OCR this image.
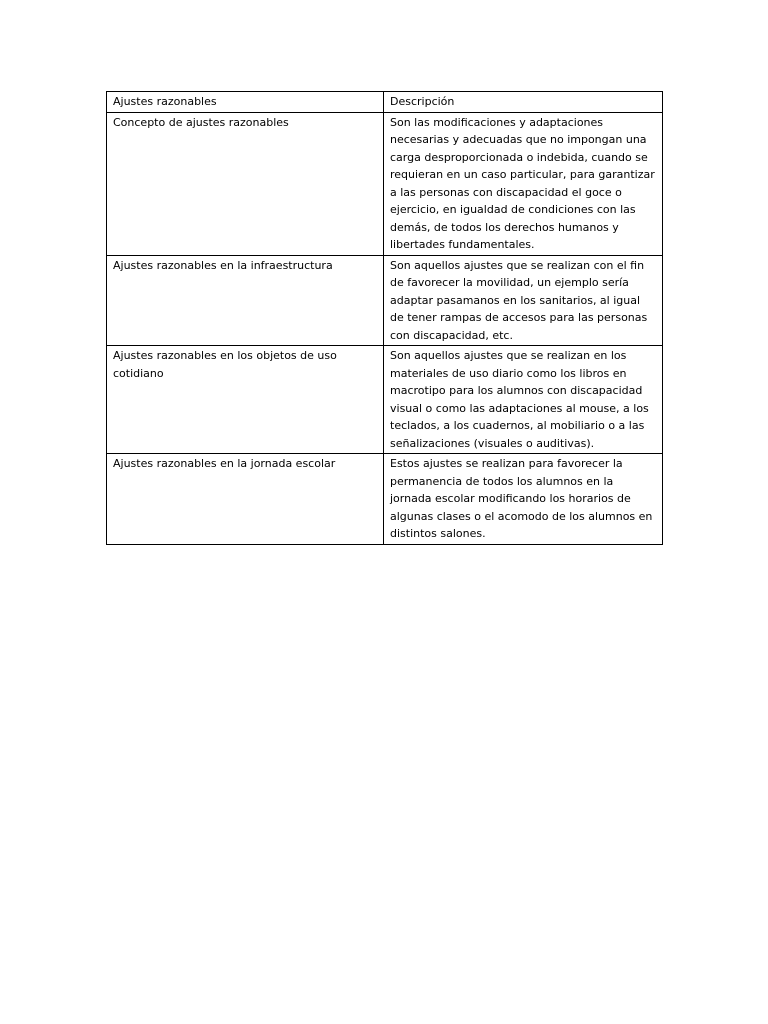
Ajustes razonables	Descripción

Concepto de ajustes razonables	Son las modificaciones y adaptaciones necesarias y adecuadas que no impongan una carga desproporcionada o indebida, cuando se requieran en un caso particular, para garantizar a las personas con discapacidad el goce o ejercicio, en igualdad de condiciones con las demás, de todos los derechos humanos y libertades fundamentales.

Ajustes razonables en la infraestructura	Son aquellos ajustes que se realizan con el fin de favorecer la movilidad, un ejemplo sería adaptar pasamanos en los sanitarios, al igual de tener rampas de accesos para las personas con discapacidad, etc.

Ajustes razonables en los objetos de uso cotidiano	Son aquellos ajustes que se realizan en los materiales de uso diario como los libros en macrotipo para los alumnos con discapacidad visual o como las adaptaciones al mouse, a los teclados, a los cuadernos, al mobiliario o a las señalizaciones (visuales o auditivas).

Ajustes razonables en la jornada escolar	Estos ajustes se realizan para favorecer la permanencia de todos los alumnos en la jornada escolar modificando los horarios de algunas clases o el acomodo de los alumnos en distintos salones.
